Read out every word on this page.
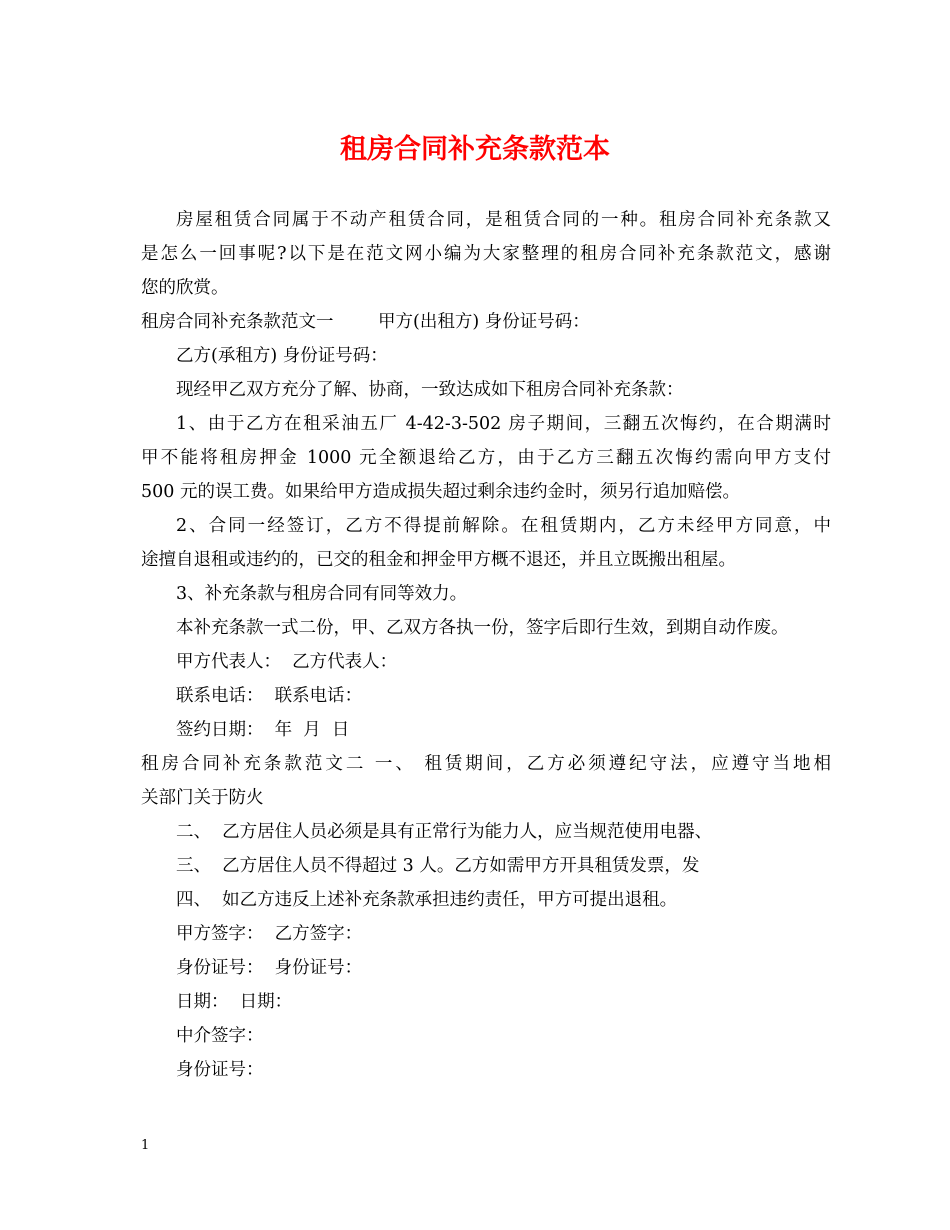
租房合同补充条款范本
房屋租赁合同属于不动产租赁合同，是租赁合同的一种。租房合同补充条款又
是怎么一回事呢?以下是在范文网小编为大家整理的租房合同补充条款范文，感谢
您的欣赏。
租房合同补充条款范文一        甲方(出租方) 身份证号码：
乙方(承租方) 身份证号码：
现经甲乙双方充分了解、协商，一致达成如下租房合同补充条款：
1、由于乙方在租采油五厂 4-42-3-502 房子期间，三翻五次悔约，在合期满时
甲不能将租房押金 1000 元全额退给乙方，由于乙方三翻五次悔约需向甲方支付
500 元的误工费。如果给甲方造成损失超过剩余违约金时，须另行追加赔偿。
2、合同一经签订，乙方不得提前解除。在租赁期内，乙方未经甲方同意，中
途擅自退租或违约的，已交的租金和押金甲方概不退还，并且立既搬出租屋。
3、补充条款与租房合同有同等效力。
本补充条款一式二份，甲、乙双方各执一份，签字后即行生效，到期自动作废。
甲方代表人：  乙方代表人：
联系电话：  联系电话：
签约日期：  年  月  日
租房合同补充条款范文二 一、 租赁期间，乙方必须遵纪守法，应遵守当地相
关部门关于防火
二、  乙方居住人员必须是具有正常行为能力人，应当规范使用电器、
三、  乙方居住人员不得超过 3 人。乙方如需甲方开具租赁发票，发
四、  如乙方违反上述补充条款承担违约责任，甲方可提出退租。
甲方签字：  乙方签字：
身份证号：  身份证号：
日期：  日期：
中介签字：
身份证号：
1
